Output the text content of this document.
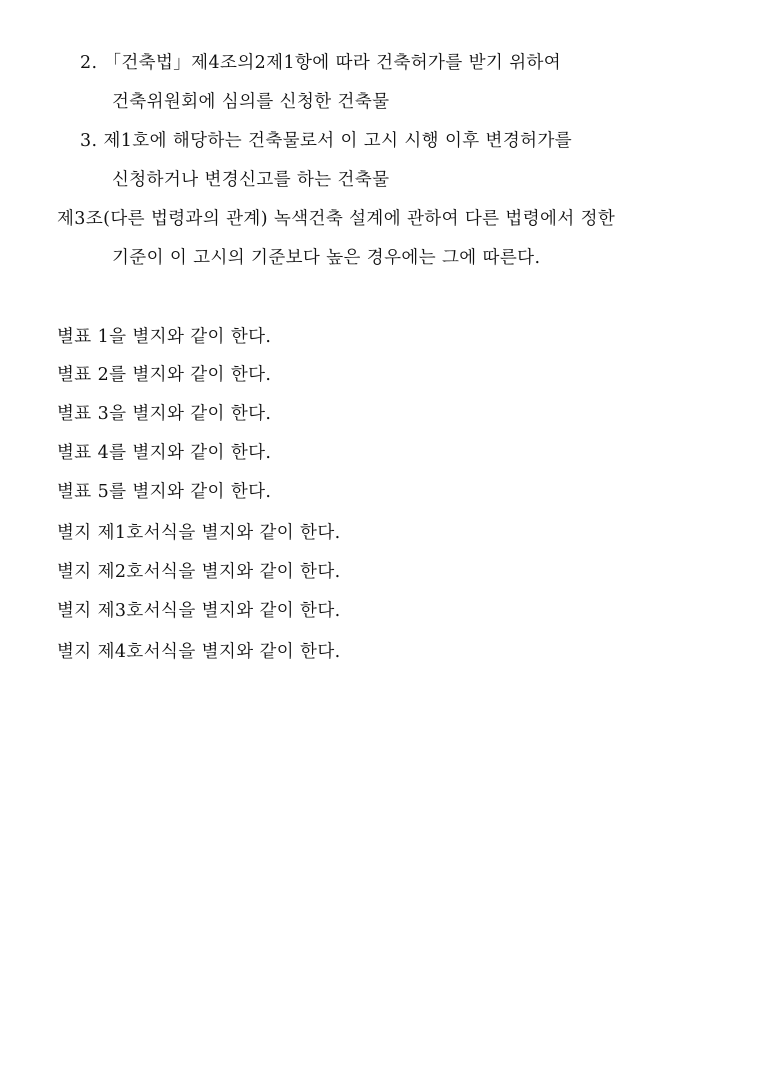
2. 「건축법」제4조의2제1항에 따라 건축허가를 받기 위하여
건축위원회에 심의를 신청한 건축물
3. 제1호에 해당하는 건축물로서 이 고시 시행 이후 변경허가를
신청하거나 변경신고를 하는 건축물
제3조(다른 법령과의 관계) 녹색건축 설계에 관하여 다른 법령에서 정한
기준이 이 고시의 기준보다 높은 경우에는 그에 따른다.
별표 1을 별지와 같이 한다.
별표 2를 별지와 같이 한다.
별표 3을 별지와 같이 한다.
별표 4를 별지와 같이 한다.
별표 5를 별지와 같이 한다.
별지 제1호서식을 별지와 같이 한다.
별지 제2호서식을 별지와 같이 한다.
별지 제3호서식을 별지와 같이 한다.
별지 제4호서식을 별지와 같이 한다.
